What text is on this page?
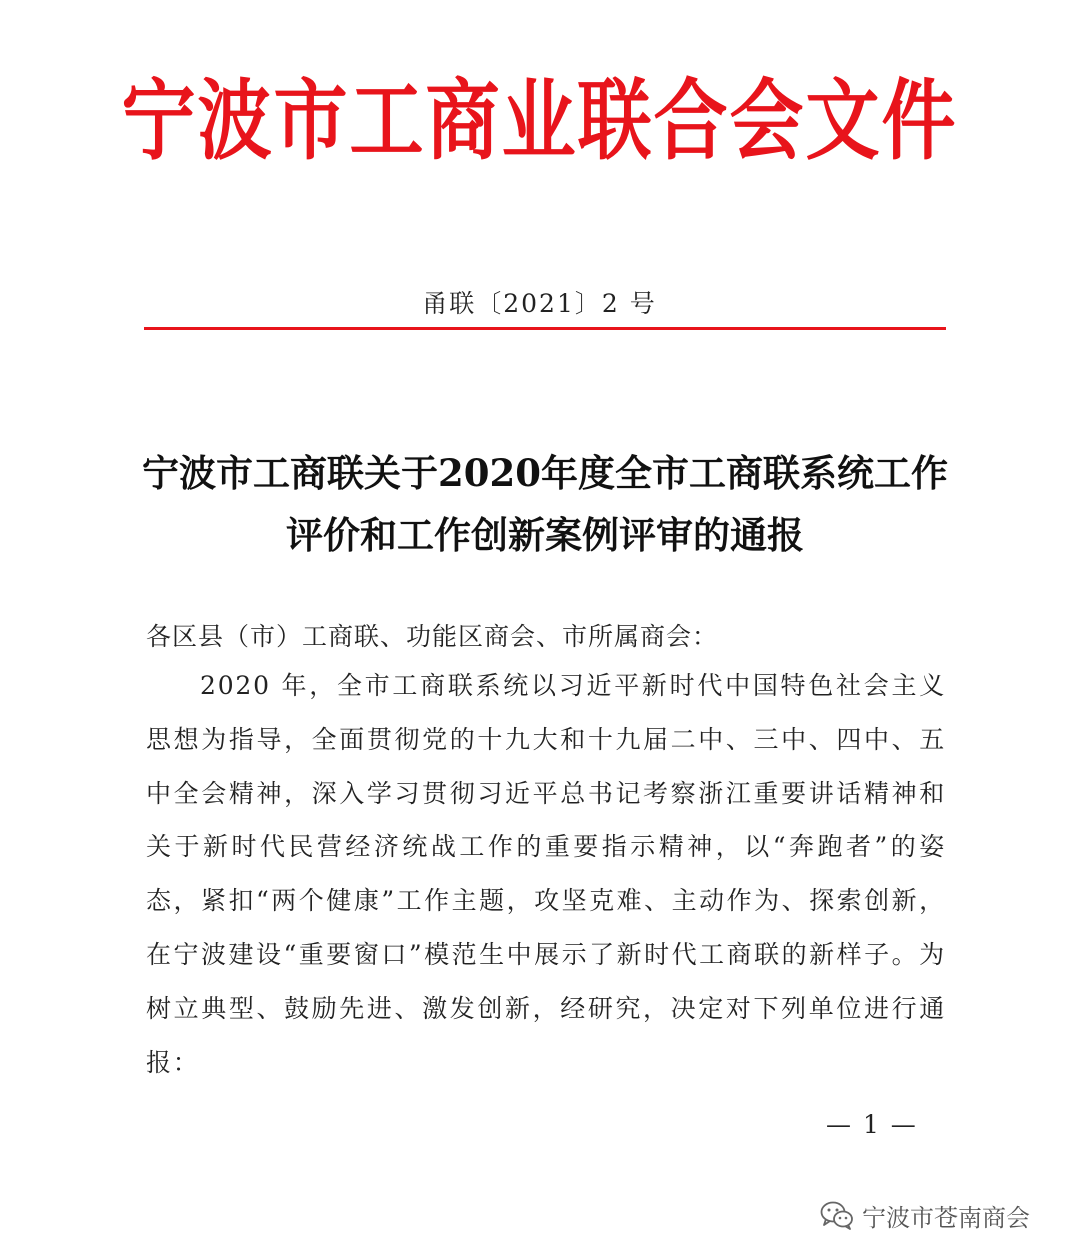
宁波市工商业联合会文件
甬联〔2021〕2 号
宁波市工商联关于2020年度全市工商联系统工作评价和工作创新案例评审的通报
各区县（市）工商联、功能区商会、市所属商会：
2020 年，全市工商联系统以习近平新时代中国特色社会主义思想为指导，全面贯彻党的十九大和十九届二中、三中、四中、五中全会精神，深入学习贯彻习近平总书记考察浙江重要讲话精神和关于新时代民营经济统战工作的重要指示精神，以“奔跑者”的姿态，紧扣“两个健康”工作主题，攻坚克难、主动作为、探索创新，在宁波建设“重要窗口”模范生中展示了新时代工商联的新样子。为树立典型、鼓励先进、激发创新，经研究，决定对下列单位进行通报：
— 1 —
宁波市苍南商会
